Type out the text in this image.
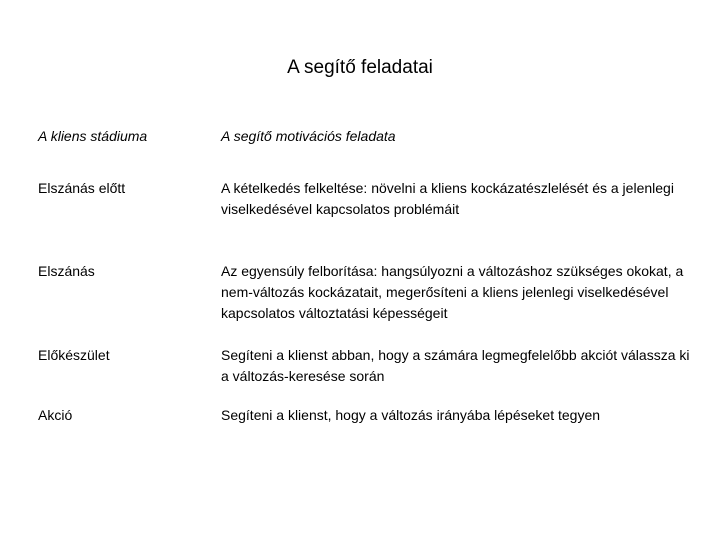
A segítő feladatai
A kliens stádiuma	A segítő motivációs feladata
Elszánás előtt	A kételkedés felkeltése: növelni a kliens kockázatészlelését és a jelenlegi viselkedésével kapcsolatos problémáit
Elszánás	Az egyensúly felborítása: hangsúlyozni a változáshoz szükséges okokat, a nem-változás kockázatait, megerősíteni a kliens jelenlegi viselkedésével kapcsolatos változtatási képességeit
Előkészület	Segíteni a klienst abban, hogy a számára legmegfelelőbb akciót válassza ki a változás-keresése során
Akció	Segíteni a klienst, hogy a változás irányába lépéseket tegyen
